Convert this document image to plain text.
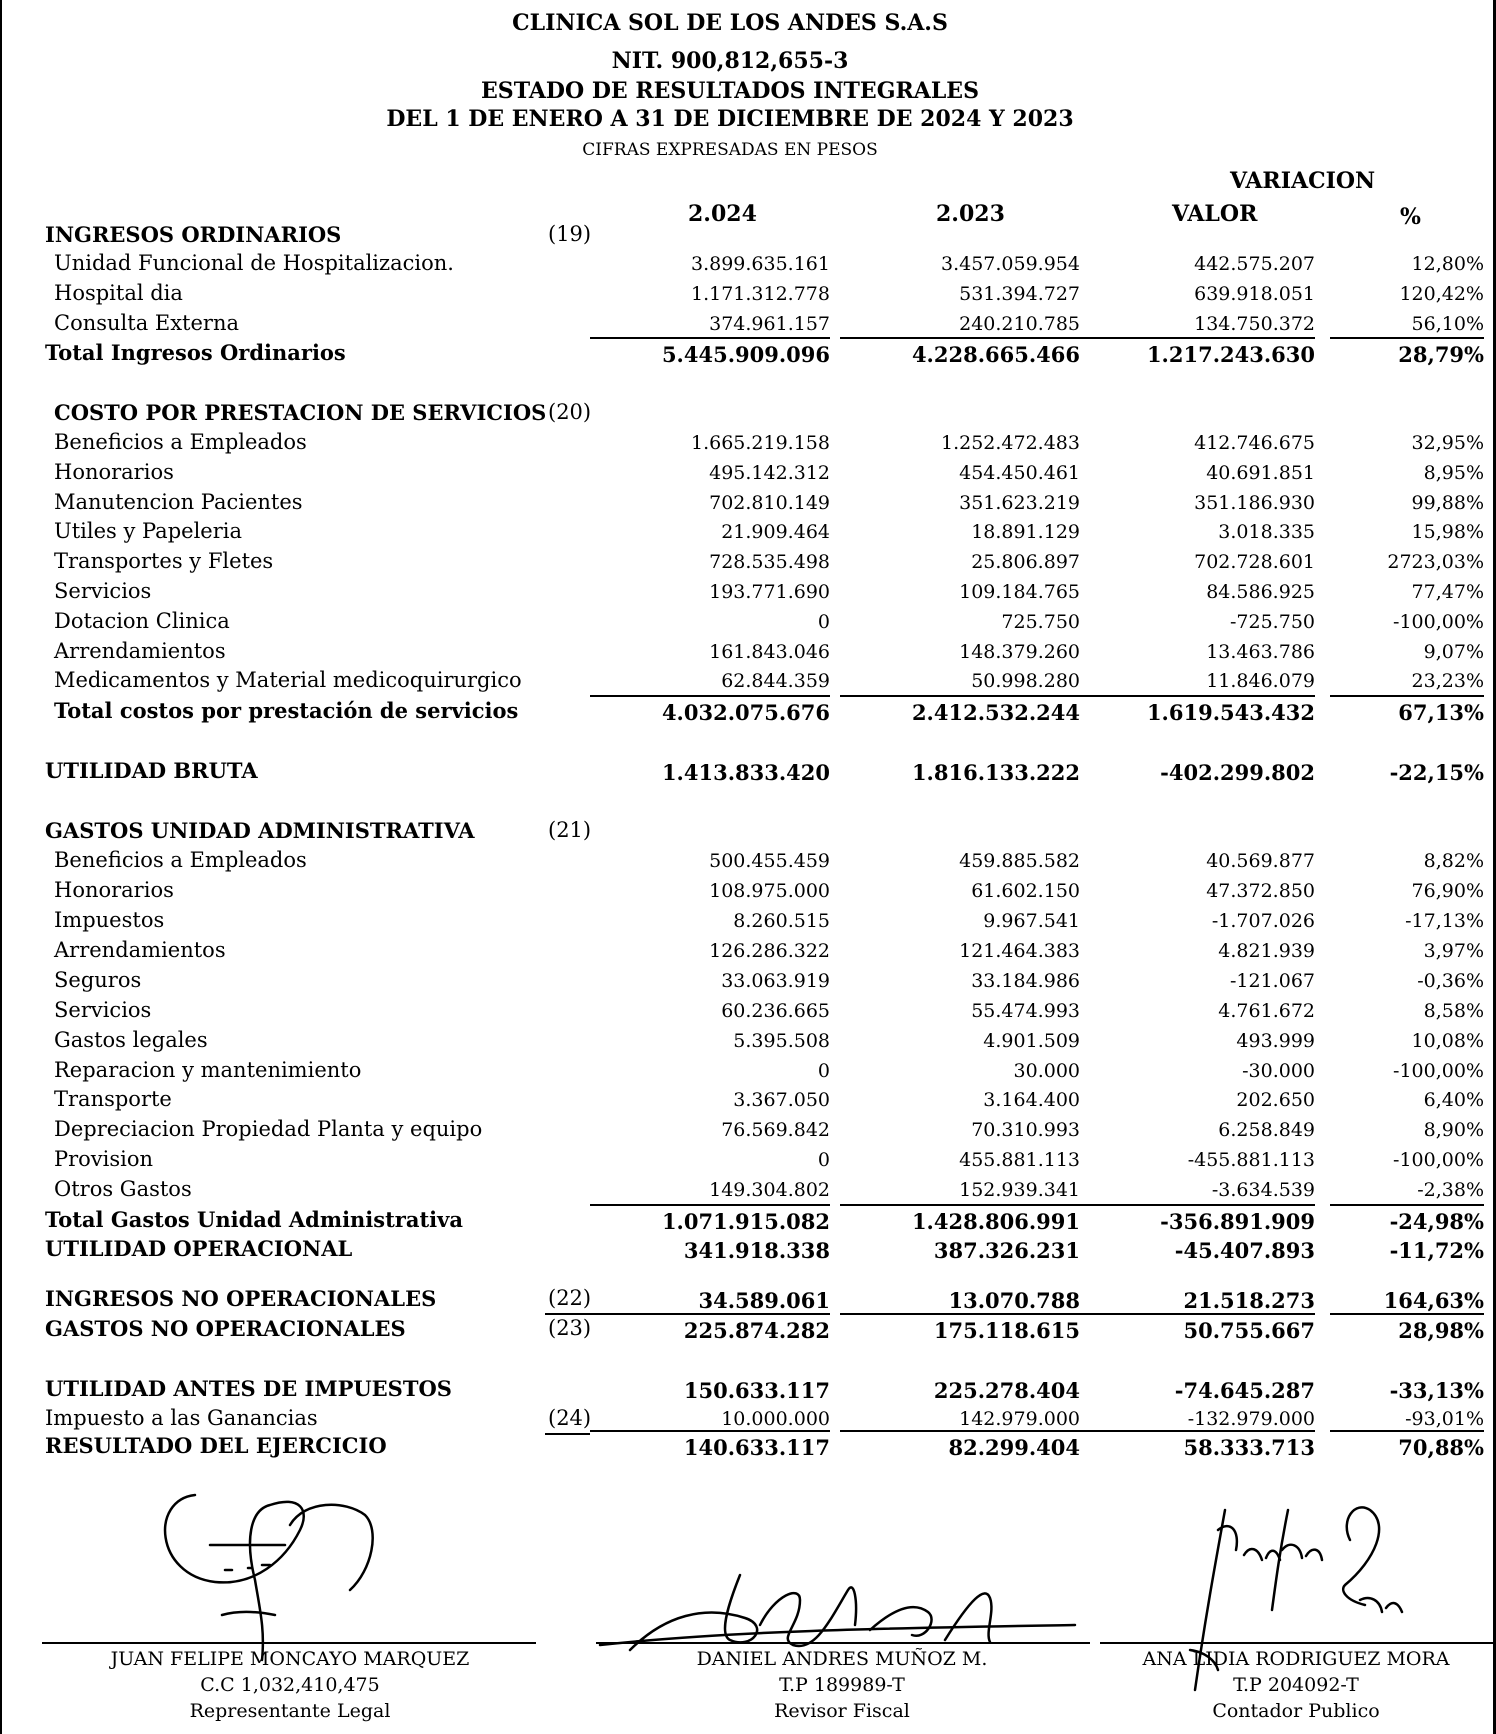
CLINICA SOL DE LOS ANDES S.A.S
NIT. 900,812,655-3
ESTADO DE RESULTADOS INTEGRALES
DEL 1 DE ENERO A 31 DE DICIEMBRE DE 2024 Y 2023
CIFRAS EXPRESADAS EN PESOS
VARIACION
2.024	2.023	VALOR	%
INGRESOS ORDINARIOS	(19)
Unidad Funcional de Hospitalizacion.	3.899.635.161	3.457.059.954	442.575.207	12,80%
Hospital dia	1.171.312.778	531.394.727	639.918.051	120,42%
Consulta Externa	374.961.157	240.210.785	134.750.372	56,10%
Total Ingresos Ordinarios	5.445.909.096	4.228.665.466	1.217.243.630	28,79%
COSTO POR PRESTACION DE SERVICIOS (20)
Beneficios a Empleados	1.665.219.158	1.252.472.483	412.746.675	32,95%
Honorarios	495.142.312	454.450.461	40.691.851	8,95%
Manutencion Pacientes	702.810.149	351.623.219	351.186.930	99,88%
Utiles y Papeleria	21.909.464	18.891.129	3.018.335	15,98%
Transportes y Fletes	728.535.498	25.806.897	702.728.601	2723,03%
Servicios	193.771.690	109.184.765	84.586.925	77,47%
Dotacion Clinica	0	725.750	-725.750	-100,00%
Arrendamientos	161.843.046	148.379.260	13.463.786	9,07%
Medicamentos y Material medicoquirurgico	62.844.359	50.998.280	11.846.079	23,23%
Total costos por prestación de servicios	4.032.075.676	2.412.532.244	1.619.543.432	67,13%
UTILIDAD BRUTA	1.413.833.420	1.816.133.222	-402.299.802	-22,15%
GASTOS UNIDAD ADMINISTRATIVA	(21)
Beneficios a Empleados	500.455.459	459.885.582	40.569.877	8,82%
Honorarios	108.975.000	61.602.150	47.372.850	76,90%
Impuestos	8.260.515	9.967.541	-1.707.026	-17,13%
Arrendamientos	126.286.322	121.464.383	4.821.939	3,97%
Seguros	33.063.919	33.184.986	-121.067	-0,36%
Servicios	60.236.665	55.474.993	4.761.672	8,58%
Gastos legales	5.395.508	4.901.509	493.999	10,08%
Reparacion y mantenimiento	0	30.000	-30.000	-100,00%
Transporte	3.367.050	3.164.400	202.650	6,40%
Depreciacion Propiedad Planta y equipo	76.569.842	70.310.993	6.258.849	8,90%
Provision	0	455.881.113	-455.881.113	-100,00%
Otros Gastos	149.304.802	152.939.341	-3.634.539	-2,38%
Total Gastos Unidad Administrativa	1.071.915.082	1.428.806.991	-356.891.909	-24,98%
UTILIDAD OPERACIONAL	341.918.338	387.326.231	-45.407.893	-11,72%
INGRESOS NO OPERACIONALES	(22)	34.589.061	13.070.788	21.518.273	164,63%
GASTOS NO OPERACIONALES	(23)	225.874.282	175.118.615	50.755.667	28,98%
UTILIDAD ANTES DE IMPUESTOS	150.633.117	225.278.404	-74.645.287	-33,13%
Impuesto a las Ganancias	(24)	10.000.000	142.979.000	-132.979.000	-93,01%
RESULTADO DEL EJERCICIO	140.633.117	82.299.404	58.333.713	70,88%
JUAN FELIPE MONCAYO MARQUEZ
C.C 1,032,410,475
Representante Legal
DANIEL ANDRES MUÑOZ M.
T.P 189989-T
Revisor Fiscal
ANA LIDIA RODRIGUEZ MORA
T.P 204092-T
Contador Publico
